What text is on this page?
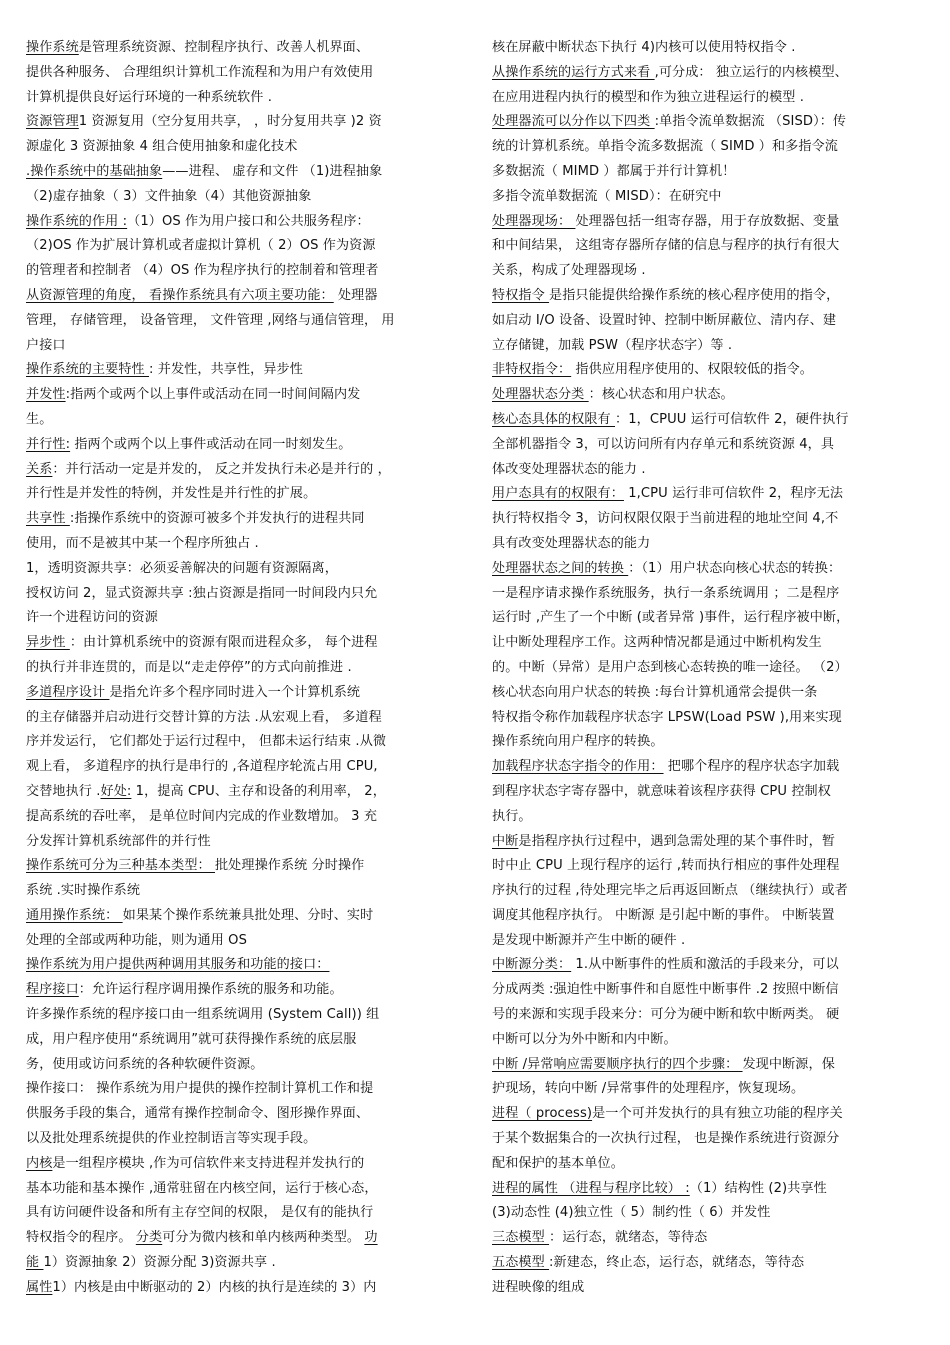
操作系统是管理系统资源、控制程序执行、改善人机界面、
提供各种服务、 合理组织计算机工作流程和为用户有效使用
计算机提供良好运行环境的一种系统软件 .
资源管理1 资源复用（空分复用共享， ，时分复用共享 )2 资
源虚化 3 资源抽象 4 组合使用抽象和虚化技术
.操作系统中的基础抽象——进程、 虚存和文件 （1)进程抽象
（2)虚存抽象（ 3）文件抽象（4）其他资源抽象
操作系统的作用 :（1）OS 作为用户接口和公共服务程序：
（2)OS 作为扩展计算机或者虚拟计算机（ 2）OS 作为资源
的管理者和控制者 （4）OS 作为程序执行的控制着和管理者
从资源管理的角度， 看操作系统具有六项主要功能： 处理器
管理， 存储管理， 设备管理， 文件管理 ,网络与通信管理， 用
户接口
操作系统的主要特性 : 并发性，共享性，异步性
并发性:指两个或两个以上事件或活动在同一时间间隔内发
生。
并行性: 指两个或两个以上事件或活动在同一时刻发生。
关系：并行活动一定是并发的， 反之并发执行未必是并行的 ，
并行性是并发性的特例，并发性是并行性的扩展。
共享性 :指操作系统中的资源可被多个并发执行的进程共同
使用，而不是被其中某一个程序所独占 .
1，透明资源共享：必须妥善解决的问题有资源隔离，
授权访问 2，显式资源共享 :独占资源是指同一时间段内只允
许一个进程访问的资源
异步性 ：由计算机系统中的资源有限而进程众多， 每个进程
的执行并非连贯的，而是以“走走停停”的方式向前推进 .
多道程序设计 是指允许多个程序同时进入一个计算机系统
的主存储器并启动进行交替计算的方法 .从宏观上看， 多道程
序并发运行， 它们都处于运行过程中， 但都未运行结束 .从微
观上看， 多道程序的执行是串行的 ,各道程序轮流占用 CPU,
交替地执行 .好处: 1，提高 CPU、主存和设备的利用率， 2，
提高系统的吞吐率， 是单位时间内完成的作业数增加。 3 充
分发挥计算机系统部件的并行性
操作系统可分为三种基本类型： 批处理操作系统 分时操作
系统 .实时操作系统
通用操作系统： 如果某个操作系统兼具批处理、分时、实时
处理的全部或两种功能，则为通用 OS
操作系统为用户提供两种调用其服务和功能的接口：
程序接口：允许运行程序调用操作系统的服务和功能。
许多操作系统的程序接口由一组系统调用 (System Call)) 组
成，用户程序使用“系统调用”就可获得操作系统的底层服
务，使用或访问系统的各种软硬件资源。
操作接口： 操作系统为用户提供的操作控制计算机工作和提
供服务手段的集合，通常有操作控制命令、图形操作界面、
以及批处理系统提供的作业控制语言等实现手段。
内核是一组程序模块 ,作为可信软件来支持进程并发执行的
基本功能和基本操作 ,通常驻留在内核空间，运行于核心态，
具有访问硬件设备和所有主存空间的权限， 是仅有的能执行
特权指令的程序。 分类可分为微内核和单内核两种类型。 功
能 1）资源抽象 2）资源分配 3)资源共享 .
属性1）内核是由中断驱动的 2）内核的执行是连续的 3）内
核在屏蔽中断状态下执行 4)内核可以使用特权指令 .
从操作系统的运行方式来看 ,可分成： 独立运行的内核模型、
在应用进程内执行的模型和作为独立进程运行的模型 .
处理器流可以分作以下四类 :单指令流单数据流 （SISD）：传
统的计算机系统。单指令流多数据流（ SIMD ）和多指令流
多数据流（ MIMD ）都属于并行计算机！
多指令流单数据流（ MISD）：在研究中
处理器现场： 处理器包括一组寄存器，用于存放数据、变量
和中间结果， 这组寄存器所存储的信息与程序的执行有很大
关系，构成了处理器现场 .
特权指令 是指只能提供给操作系统的核心程序使用的指令，
如启动 I/O 设备、设置时钟、控制中断屏蔽位、清内存、建
立存储键，加载 PSW（程序状态字）等 .
非特权指令： 指供应用程序使用的、权限较低的指令。
处理器状态分类 ：核心状态和用户状态。
核心态具体的权限有 ：1，CPUU 运行可信软件 2，硬件执行
全部机器指令 3，可以访问所有内存单元和系统资源 4，具
体改变处理器状态的能力 .
用户态具有的权限有： 1,CPU 运行非可信软件 2，程序无法
执行特权指令 3，访问权限仅限于当前进程的地址空间 4,不
具有改变处理器状态的能力
处理器状态之间的转换 ：（1）用户状态向核心状态的转换：
一是程序请求操作系统服务，执行一条系统调用 ；二是程序
运行时 ,产生了一个中断 (或者异常 )事件，运行程序被中断，
让中断处理程序工作。这两种情况都是通过中断机构发生
的。中断（异常）是用户态到核心态转换的唯一途径。 （2）
核心状态向用户状态的转换 :每台计算机通常会提供一条
特权指令称作加载程序状态字 LPSW(Load PSW ),用来实现
操作系统向用户程序的转换。
加载程序状态字指令的作用： 把哪个程序的程序状态字加载
到程序状态字寄存器中，就意味着该程序获得 CPU 控制权
执行。
中断是指程序执行过程中，遇到急需处理的某个事件时，暂
时中止 CPU 上现行程序的运行 ,转而执行相应的事件处理程
序执行的过程 ,待处理完毕之后再返回断点 （继续执行）或者
调度其他程序执行。 中断源 是引起中断的事件。 中断装置
是发现中断源并产生中断的硬件 .
中断源分类： 1.从中断事件的性质和激活的手段来分，可以
分成两类 :强迫性中断事件和自愿性中断事件 .2 按照中断信
号的来源和实现手段来分：可分为硬中断和软中断两类。 硬
中断可以分为外中断和内中断。
中断 /异常响应需要顺序执行的四个步骤： 发现中断源，保
护现场，转向中断 /异常事件的处理程序，恢复现场。
进程（ process)是一个可并发执行的具有独立功能的程序关
于某个数据集合的一次执行过程， 也是操作系统进行资源分
配和保护的基本单位。
进程的属性 （进程与程序比较） :（1）结构性 (2)共享性
(3)动态性 (4)独立性（ 5）制约性（ 6）并发性
三态模型 ：运行态，就绪态，等待态
五态模型 :新建态，终止态，运行态，就绪态，等待态
进程映像的组成
